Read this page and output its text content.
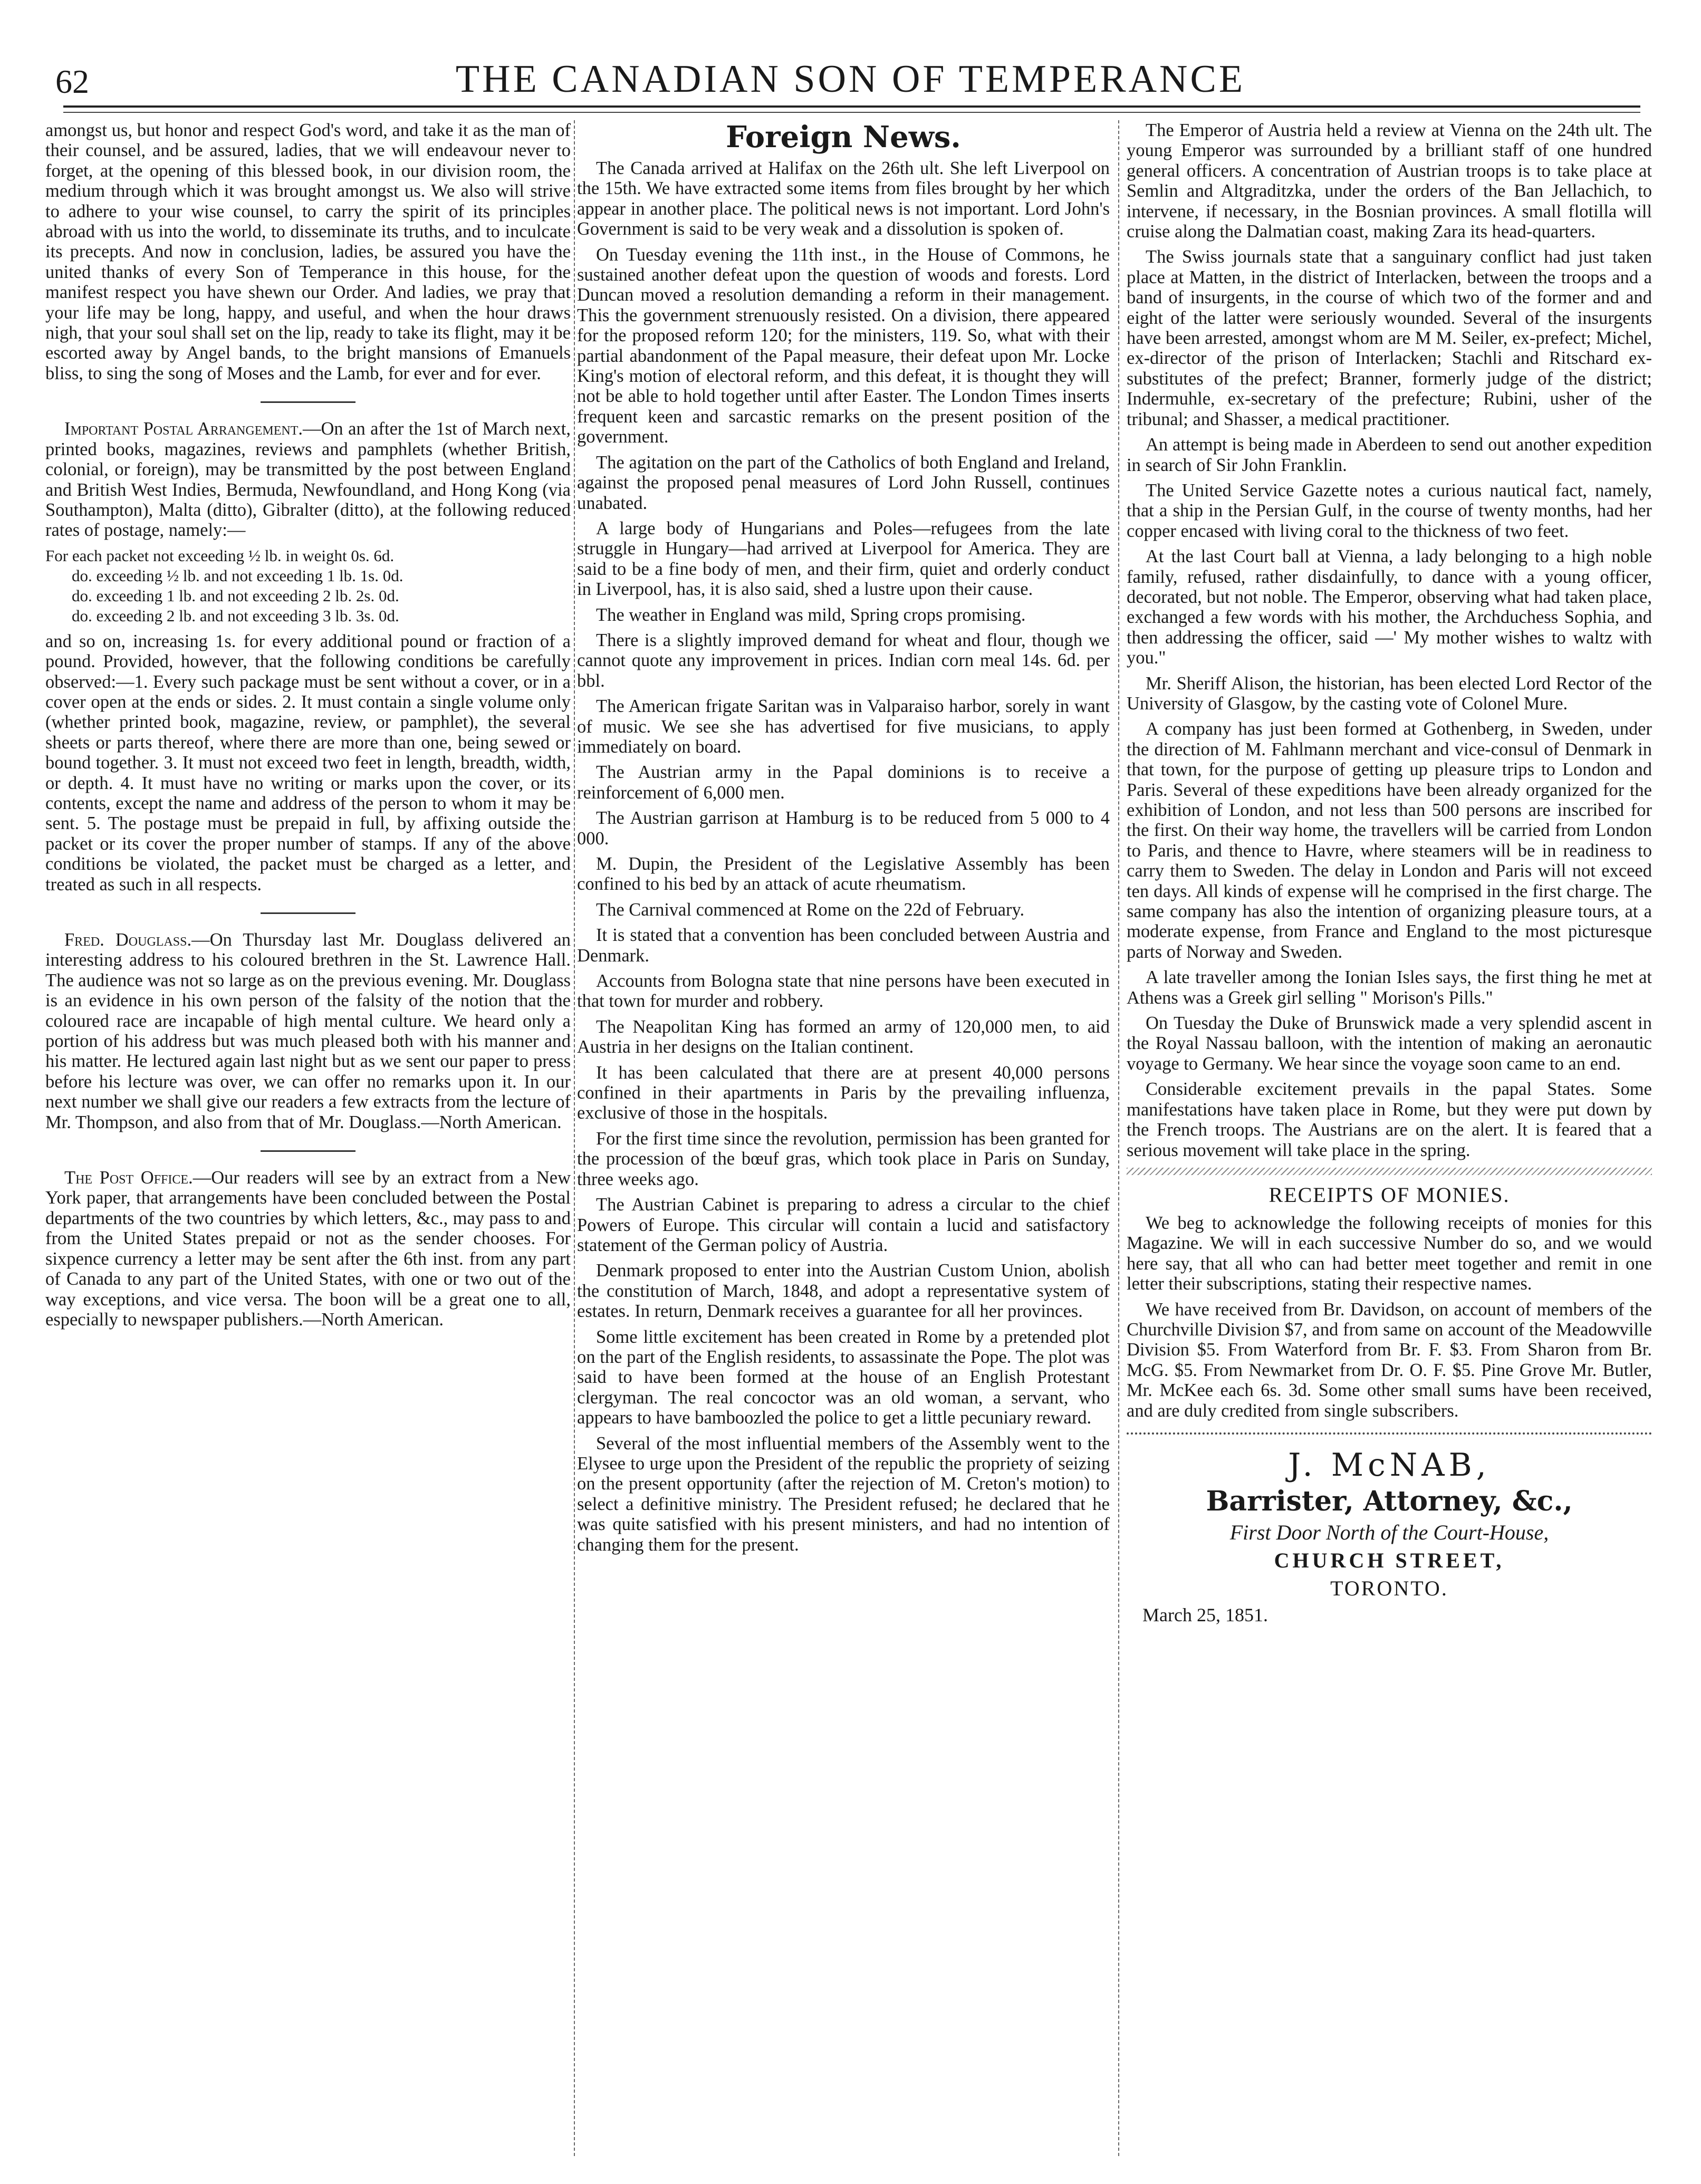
62	THE CANADIAN SON OF TEMPERANCE

amongst us, but honor and respect God's word, and take it as the man of their counsel, and be assured, ladies, that we will endeavour never to forget, at the opening of this blessed book, in our division room, the medium through which it was brought amongst us. We also will strive to adhere to your wise counsel, to carry the spirit of its principles abroad with us into the world, to disseminate its truths, and to inculcate its precepts. And now in conclusion, ladies, be assured you have the united thanks of every Son of Temperance in this house, for the manifest respect you have shewn our Order. And ladies, we pray that your life may be long, happy, and useful, and when the hour draws nigh, that your soul shall set on the lip, ready to take its flight, may it be escorted away by Angel bands, to the bright mansions of Emanuels bliss, to sing the song of Moses and the Lamb, for ever and for ever.

Important Postal Arrangement.—On an after the 1st of March next, printed books, magazines, reviews and pamphlets (whether British, colonial, or foreign), may be transmitted by the post between England and British West Indies, Bermuda, Newfoundland, and Hong Kong (via Southampton), Malta (ditto), Gibralter (ditto), at the following reduced rates of postage, namely:—

For each packet not exceeding ½ lb. in weight 0s. 6d.
do. exceeding ½ lb. and not exceeding 1 lb. 1s. 0d.
do. exceeding 1 lb. and not exceeding 2 lb. 2s. 0d.
do. exceeding 2 lb. and not exceeding 3 lb. 3s. 0d.

and so on, increasing 1s. for every additional pound or fraction of a pound. Provided, however, that the following conditions be carefully observed:—1. Every such package must be sent without a cover, or in a cover open at the ends or sides. 2. It must contain a single volume only (whether printed book, magazine, review, or pamphlet), the several sheets or parts thereof, where there are more than one, being sewed or bound together. 3. It must not exceed two feet in length, breadth, width, or depth. 4. It must have no writing or marks upon the cover, or its contents, except the name and address of the person to whom it may be sent. 5. The postage must be prepaid in full, by affixing outside the packet or its cover the proper number of stamps. If any of the above conditions be violated, the packet must be charged as a letter, and treated as such in all respects.

Fred. Douglass.—On Thursday last Mr. Douglass delivered an interesting address to his coloured brethren in the St. Lawrence Hall. The audience was not so large as on the previous evening. Mr. Douglass is an evidence in his own person of the falsity of the notion that the coloured race are incapable of high mental culture. We heard only a portion of his address but was much pleased both with his manner and his matter. He lectured again last night but as we sent our paper to press before his lecture was over, we can offer no remarks upon it. In our next number we shall give our readers a few extracts from the lecture of Mr. Thompson, and also from that of Mr. Douglass.—North American.

The Post Office.—Our readers will see by an extract from a New York paper, that arrangements have been concluded between the Postal departments of the two countries by which letters, &c., may pass to and from the United States prepaid or not as the sender chooses. For sixpence currency a letter may be sent after the 6th inst. from any part of Canada to any part of the United States, with one or two out of the way exceptions, and vice versa. The boon will be a great one to all, especially to newspaper publishers.—North American.

Foreign News.

The Canada arrived at Halifax on the 26th ult. She left Liverpool on the 15th. We have extracted some items from files brought by her which appear in another place. The political news is not important. Lord John's Government is said to be very weak and a dissolution is spoken of.

On Tuesday evening the 11th inst., in the House of Commons, he sustained another defeat upon the question of woods and forests. Lord Duncan moved a resolution demanding a reform in their management. This the government strenuously resisted. On a division, there appeared for the proposed reform 120; for the ministers, 119. So, what with their partial abandonment of the Papal measure, their defeat upon Mr. Locke King's motion of electoral reform, and this defeat, it is thought they will not be able to hold together until after Easter. The London Times inserts frequent keen and sarcastic remarks on the present position of the government.

The agitation on the part of the Catholics of both England and Ireland, against the proposed penal measures of Lord John Russell, continues unabated.

A large body of Hungarians and Poles—refugees from the late struggle in Hungary—had arrived at Liverpool for America. They are said to be a fine body of men, and their firm, quiet and orderly conduct in Liverpool, has, it is also said, shed a lustre upon their cause.

The weather in England was mild, Spring crops promising.

There is a slightly improved demand for wheat and flour, though we cannot quote any improvement in prices. Indian corn meal 14s. 6d. per bbl.

The American frigate Saritan was in Valparaiso harbor, sorely in want of music. We see she has advertised for five musicians, to apply immediately on board.

The Austrian army in the Papal dominions is to receive a reinforcement of 6,000 men.

The Austrian garrison at Hamburg is to be reduced from 5 000 to 4 000.

M. Dupin, the President of the Legislative Assembly has been confined to his bed by an attack of acute rheumatism.

The Carnival commenced at Rome on the 22d of February.

It is stated that a convention has been concluded between Austria and Denmark.

Accounts from Bologna state that nine persons have been executed in that town for murder and robbery.

The Neapolitan King has formed an army of 120,000 men, to aid Austria in her designs on the Italian continent.

It has been calculated that there are at present 40,000 persons confined in their apartments in Paris by the prevailing influenza, exclusive of those in the hospitals.

For the first time since the revolution, permission has been granted for the procession of the bœuf gras, which took place in Paris on Sunday, three weeks ago.

The Austrian Cabinet is preparing to adress a circular to the chief Powers of Europe. This circular will contain a lucid and satisfactory statement of the German policy of Austria.

Denmark proposed to enter into the Austrian Custom Union, abolish the constitution of March, 1848, and adopt a representative system of estates. In return, Denmark receives a guarantee for all her provinces.

Some little excitement has been created in Rome by a pretended plot on the part of the English residents, to assassinate the Pope. The plot was said to have been formed at the house of an English Protestant clergyman. The real concoctor was an old woman, a servant, who appears to have bamboozled the police to get a little pecuniary reward.

Several of the most influential members of the Assembly went to the Elysee to urge upon the President of the republic the propriety of seizing on the present opportunity (after the rejection of M. Creton's motion) to select a definitive ministry. The President refused; he declared that he was quite satisfied with his present ministers, and had no intention of changing them for the present.

The Emperor of Austria held a review at Vienna on the 24th ult. The young Emperor was surrounded by a brilliant staff of one hundred general officers. A concentration of Austrian troops is to take place at Semlin and Altgraditzka, under the orders of the Ban Jellachich, to intervene, if necessary, in the Bosnian provinces. A small flotilla will cruise along the Dalmatian coast, making Zara its head-quarters.

The Swiss journals state that a sanguinary conflict had just taken place at Matten, in the district of Interlacken, between the troops and a band of insurgents, in the course of which two of the former and and eight of the latter were seriously wounded. Several of the insurgents have been arrested, amongst whom are M M. Seiler, ex-prefect; Michel, ex-director of the prison of Interlacken; Stachli and Ritschard ex-substitutes of the prefect; Branner, formerly judge of the district; Indermuhle, ex-secretary of the prefecture; Rubini, usher of the tribunal; and Shasser, a medical practitioner.

An attempt is being made in Aberdeen to send out another expedition in search of Sir John Franklin.

The United Service Gazette notes a curious nautical fact, namely, that a ship in the Persian Gulf, in the course of twenty months, had her copper encased with living coral to the thickness of two feet.

At the last Court ball at Vienna, a lady belonging to a high noble family, refused, rather disdainfully, to dance with a young officer, decorated, but not noble. The Emperor, observing what had taken place, exchanged a few words with his mother, the Archduchess Sophia, and then addressing the officer, said —' My mother wishes to waltz with you."

Mr. Sheriff Alison, the historian, has been elected Lord Rector of the University of Glasgow, by the casting vote of Colonel Mure.

A company has just been formed at Gothenberg, in Sweden, under the direction of M. Fahlmann merchant and vice-consul of Denmark in that town, for the purpose of getting up pleasure trips to London and Paris. Several of these expeditions have been already organized for the exhibition of London, and not less than 500 persons are inscribed for the first. On their way home, the travellers will be carried from London to Paris, and thence to Havre, where steamers will be in readiness to carry them to Sweden. The delay in London and Paris will not exceed ten days. All kinds of expense will he comprised in the first charge. The same company has also the intention of organizing pleasure tours, at a moderate expense, from France and England to the most picturesque parts of Norway and Sweden.

A late traveller among the Ionian Isles says, the first thing he met at Athens was a Greek girl selling " Morison's Pills."

On Tuesday the Duke of Brunswick made a very splendid ascent in the Royal Nassau balloon, with the intention of making an aeronautic voyage to Germany. We hear since the voyage soon came to an end.

Considerable excitement prevails in the papal States. Some manifestations have taken place in Rome, but they were put down by the French troops. The Austrians are on the alert. It is feared that a serious movement will take place in the spring.

RECEIPTS OF MONIES.

We beg to acknowledge the following receipts of monies for this Magazine. We will in each successive Number do so, and we would here say, that all who can had better meet together and remit in one letter their subscriptions, stating their respective names.

We have received from Br. Davidson, on account of members of the Churchville Division $7, and from same on account of the Meadowville Division $5. From Waterford from Br. F. $3. From Sharon from Br. McG. $5. From Newmarket from Dr. O. F. $5. Pine Grove Mr. Butler, Mr. McKee each 6s. 3d. Some other small sums have been received, and are duly credited from single subscribers.

J. McNAB,
Barrister, Attorney, &c.,
First Door North of the Court-House,
CHURCH STREET,
TORONTO.
March 25, 1851.
